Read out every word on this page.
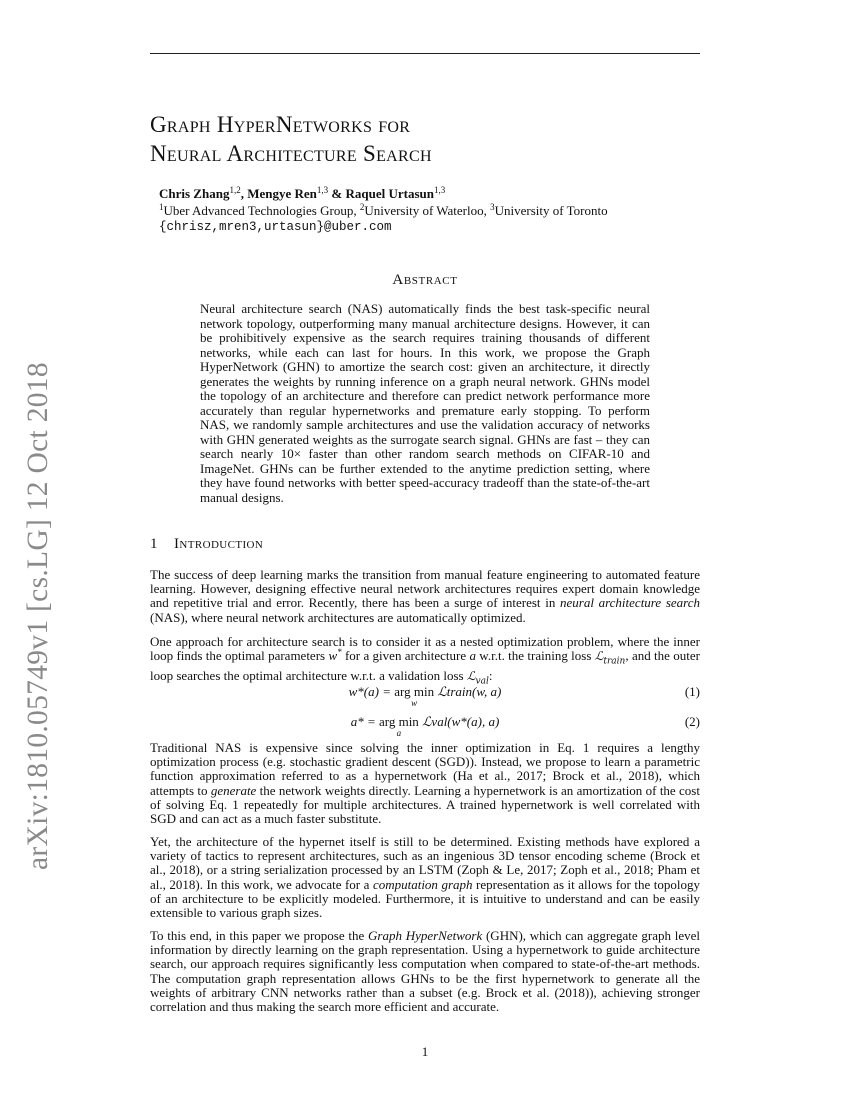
arXiv:1810.05749v1 [cs.LG] 12 Oct 2018
Graph HyperNetworks for
Neural Architecture Search
Chris Zhang$^{1,2}$, Mengye Ren$^{1,3}$ & Raquel Urtasun$^{1,3}$
$^1$Uber Advanced Technologies Group, $^2$University of Waterloo, $^3$University of Toronto
{chrisz,mren3,urtasun}@uber.com
Abstract
Neural architecture search (NAS) automatically finds the best task-specific neural network topology, outperforming many manual architecture designs. However, it can be prohibitively expensive as the search requires training thousands of different networks, while each can last for hours. In this work, we propose the Graph HyperNetwork (GHN) to amortize the search cost: given an architecture, it directly generates the weights by running inference on a graph neural network. GHNs model the topology of an architecture and therefore can predict network performance more accurately than regular hypernetworks and premature early stopping. To perform NAS, we randomly sample architectures and use the validation accuracy of networks with GHN generated weights as the surrogate search signal. GHNs are fast – they can search nearly 10× faster than other random search methods on CIFAR-10 and ImageNet. GHNs can be further extended to the anytime prediction setting, where they have found networks with better speed-accuracy tradeoff than the state-of-the-art manual designs.
1 Introduction
The success of deep learning marks the transition from manual feature engineering to automated feature learning. However, designing effective neural network architectures requires expert domain knowledge and repetitive trial and error. Recently, there has been a surge of interest in neural architecture search (NAS), where neural network architectures are automatically optimized.
One approach for architecture search is to consider it as a nested optimization problem, where the inner loop finds the optimal parameters w* for a given architecture a w.r.t. the training loss ℒ$_{train}$, and the outer loop searches the optimal architecture w.r.t. a validation loss ℒ$_{val}$:
w*(a) = arg min
w
ℒtrain(w, a)	(1)
a* = arg min
a
ℒval(w*(a), a)	(2)
Traditional NAS is expensive since solving the inner optimization in Eq. 1 requires a lengthy optimization process (e.g. stochastic gradient descent (SGD)). Instead, we propose to learn a parametric function approximation referred to as a hypernetwork (Ha et al., 2017; Brock et al., 2018), which attempts to generate the network weights directly. Learning a hypernetwork is an amortization of the cost of solving Eq. 1 repeatedly for multiple architectures. A trained hypernetwork is well correlated with SGD and can act as a much faster substitute.
Yet, the architecture of the hypernet itself is still to be determined. Existing methods have explored a variety of tactics to represent architectures, such as an ingenious 3D tensor encoding scheme (Brock et al., 2018), or a string serialization processed by an LSTM (Zoph & Le, 2017; Zoph et al., 2018; Pham et al., 2018). In this work, we advocate for a computation graph representation as it allows for the topology of an architecture to be explicitly modeled. Furthermore, it is intuitive to understand and can be easily extensible to various graph sizes.
To this end, in this paper we propose the Graph HyperNetwork (GHN), which can aggregate graph level information by directly learning on the graph representation. Using a hypernetwork to guide architecture search, our approach requires significantly less computation when compared to state-of-the-art methods. The computation graph representation allows GHNs to be the first hypernetwork to generate all the weights of arbitrary CNN networks rather than a subset (e.g. Brock et al. (2018)), achieving stronger correlation and thus making the search more efficient and accurate.
1
